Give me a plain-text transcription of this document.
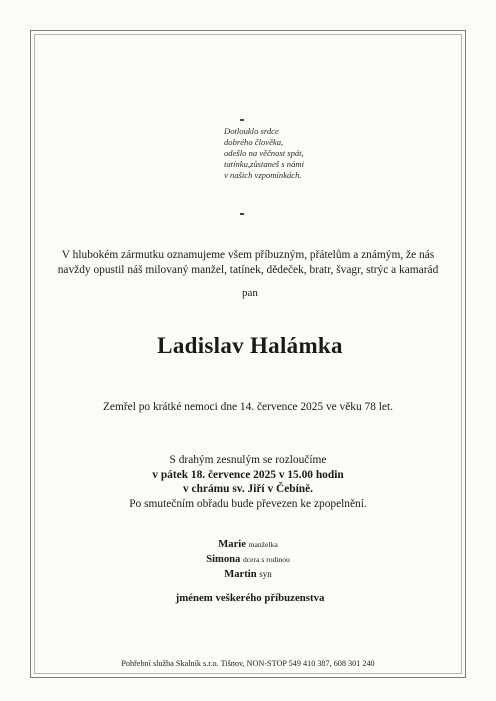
Dotlouklo srdce
dobrého člověka,
odešlo na věčnost spát,
tatínku,zůstaneš s námi
v našich vzpomínkách.
V hlubokém zármutku oznamujeme všem příbuzným, přátelům a známým, že nás
navždy opustil náš milovaný manžel, tatínek, dědeček, bratr, švagr, strýc a kamarád
pan
Ladislav Halámka
Zemřel po krátké nemoci dne 14. července 2025 ve věku 78 let.
S drahým zesnulým se rozloučíme
v pátek 18. července 2025 v 15.00 hodin
v chrámu sv. Jiří v Čebíně.
Po smutečním obřadu bude převezen ke zpopelnění.
Marie manželka
Simona dcera s rodinou
Martin syn
jménem veškerého příbuzenstva
Pohřební služba Skalník s.r.o. Tišnov, NON-STOP 549 410 387, 608 301 240
